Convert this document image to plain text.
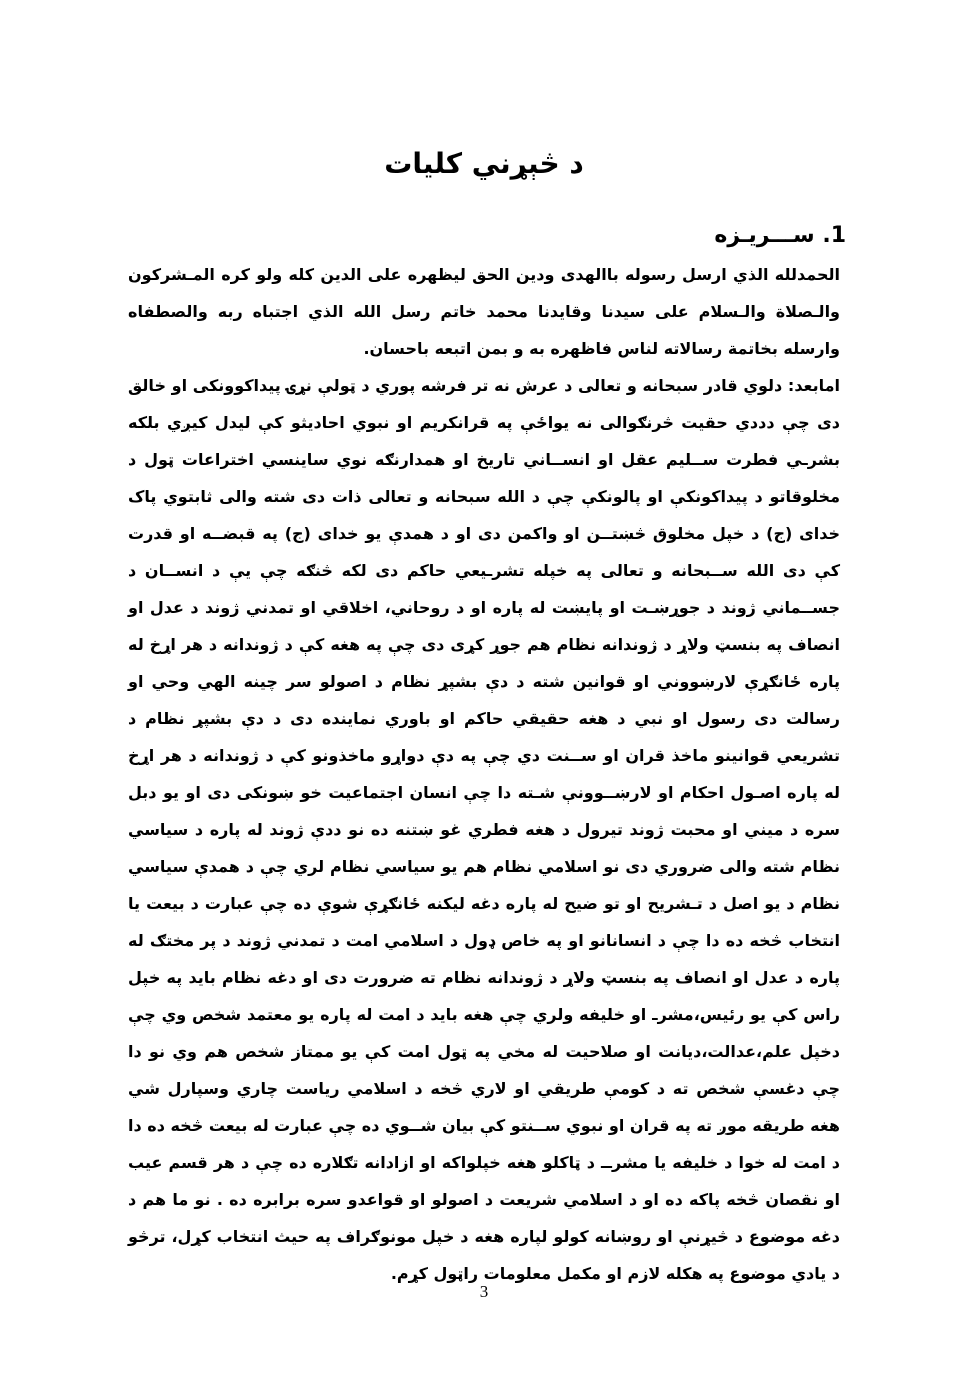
د څېړني کليات
1. ســـريـزه

الحمدلله الذي ارسل رسوله باالهدى ودين الحق ليظهره على الدين كله ولو كره المـشركون والـصلاة والـسلام على سيدنا وقايدنا محمد خاتم رسل الله الذي اجتباه ربه والصطفاه وارسله بخاتمة رسالاته لناس فاظهره به و بمن اتبعه باحسان.

امابعد: دلوي قادر سبحانه و تعالى د عرش نه تر فرشه پوري د ټولې نړۍ پيداکوونکى او خالق دى چې دددي حقيت څرنګوالى نه يواځې په قرانکريم او نبوي احاديثو کې ليدل کيږي بلکه بشرـي فطرت ســليم عقل او انســاني تاريخ او همدارنګه نوي ساينسي اختراعات ټول د مخلوقاتو د پيداکونکې او پالونکې چې د الله سبحانه و تعالى ذات دى شته والى ثابتوي پاک خداى (ج) د خپل مخلوق څښتــن او واکمن دى او د همدې يو خداى (ج) په قبضــه او قدرت کې دى الله ســبحانه و تعالى په خپله تشرـيعي حاکم دى لکه څنګه چې يې د انســان د جســماني ژوند د جوړښـت او پايښت له پاره او د روحاني، اخلاقي او تمدني ژوند د عدل او انصاف په بنسټ ولاړ د ژوندانه نظام هم جوړ کړى دى چې په هغه کې د ژوندانه د هر اړخ له پاره ځانګړې لارښووني او قوانين شته د دې بشپړ نظام د اصولو سر چينه الهي وحي او رسالت دى رسول او نبي د هغه حقيقي حاکم او باوري نماينده دى د دې بشپړ نظام د تشريعي قوانينو ماخذ قران او ســنت دي چې په دې دواړو ماخذونو کې د ژوندانه د هر اړخ له پاره اصـول احکام او لارښــوونې شـته دا چې انسان اجتماعيت خو ښونکى دى او يو دبل سره د ميني او محبت ژوند تيرول د هغه فطري غو ښتنه ده نو ددې ژوند له پاره د سياسي نظام شته والى ضروري دى نو اسلامي نظام هم يو سياسي نظام لري چې د همدې سياسي نظام د يو اصل د تـشريح او تو ضيح له پاره دغه ليکنه ځانګړې شوې ده چې عبارت د بيعت يا انتخاب څخه ده دا چې د انسانانو او په خاص ډول د اسلامي امت د تمدني ژوند د پر مختګ له پاره د عدل او انصاف په بنسټ ولاړ د ژوندانه نظام ته ضرورت دى او دغه نظام بايد په خپل راس کې يو رئيس،مشرـ او خليفه ولري چې هغه بايد د امت له پاره يو معتمد شخص وي چې دخپل علم،عدالت،ديانت او صلاحيت له مخي په ټول امت کې يو ممتاز شخص هم وي نو دا چې دغسې شخص ته د کومې طريقي او لاري څخه د اسلامي رياست چاري وسپارل شي هغه طريقه موږ ته په قران او نبوي ســنتو کې بيان شــوي ده چې عبارت له بيعت څخه ده دا د امت له خوا د خليفه يا مشرــ د ټاکلو هغه خپلواکه او ازادانه تګلاره ده چې د هر قسم عيب او نقصان څخه پاکه ده او د اسلامي شريعت د اصولو او قواعدو سره برابره ده . نو ما هم د دغه موضوع د څيړنې او روښانه کولو لپاره هغه د خپل مونوګراف په حيث انتخاب کړل، ترڅو د يادي موضوع په هکله لازم او مکمل معلومات راټول کړم.

3
